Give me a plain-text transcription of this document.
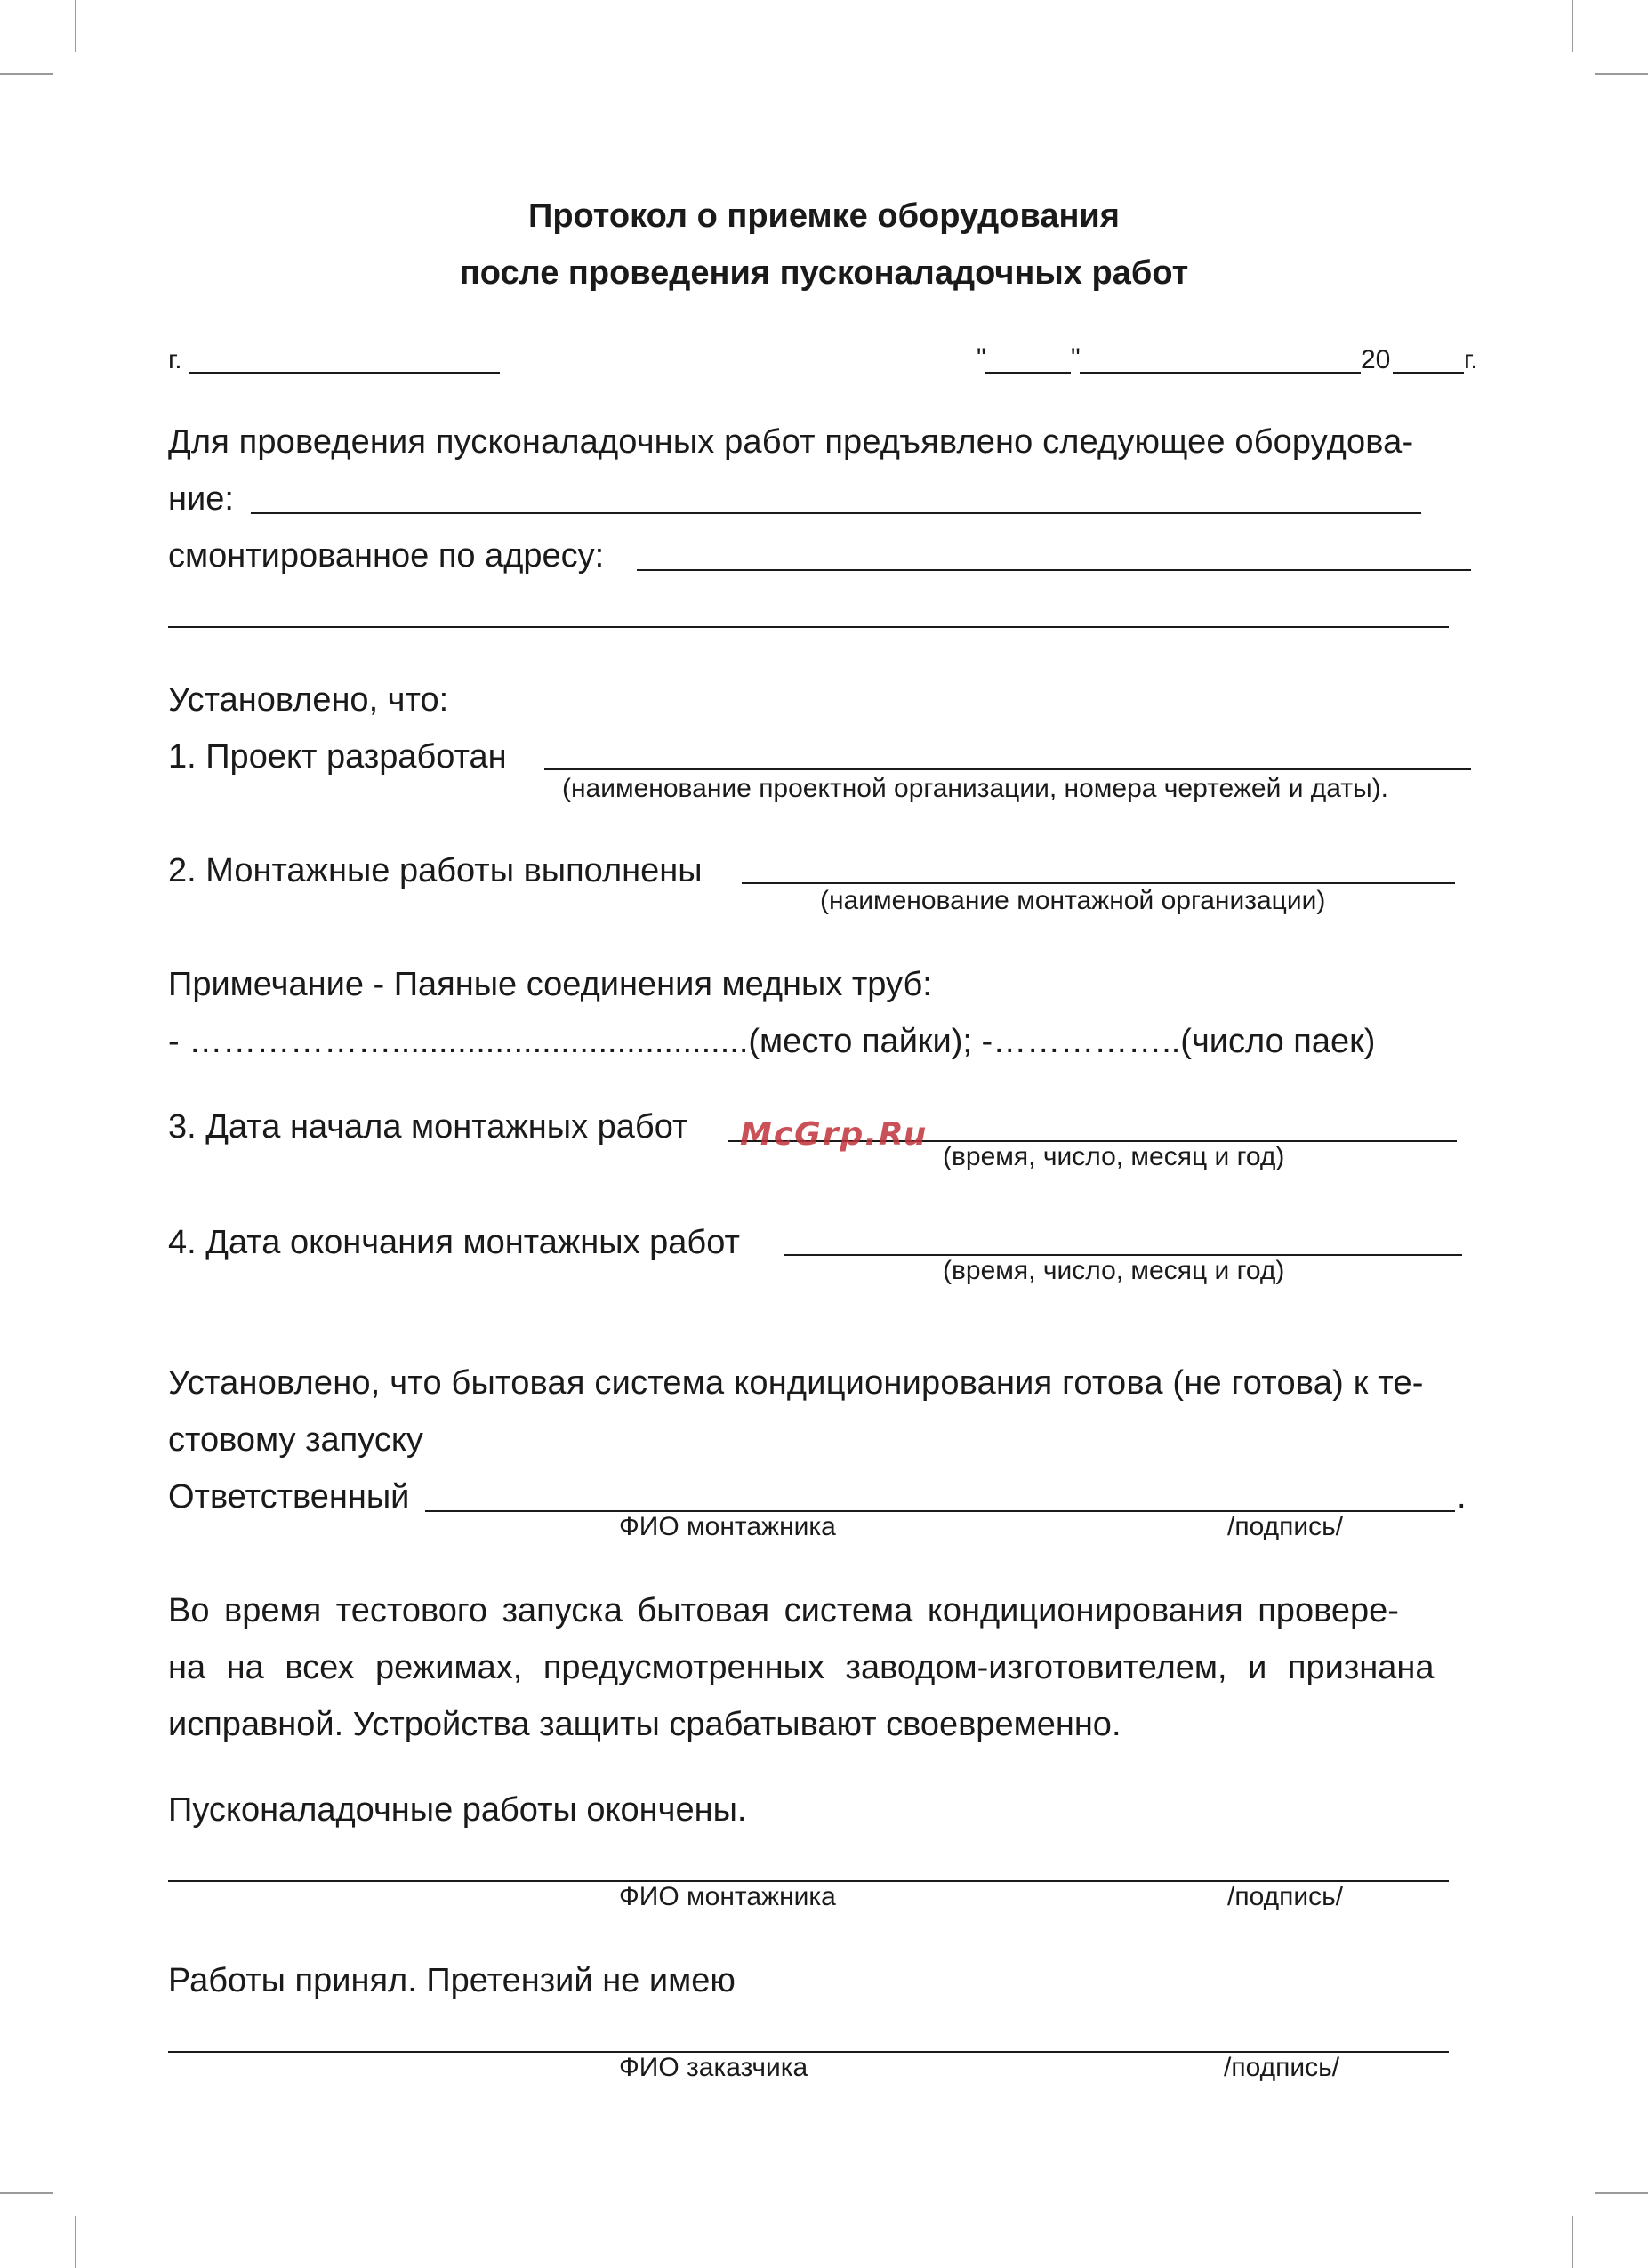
Протокол о приемке оборудования
после проведения пусконаладочных работ
г.	"	"	20	г.
Для проведения пусконаладочных работ предъявлено следующее оборудова-
ние:
смонтированное по адресу:
Установлено, что:
1. Проект разработан
(наименование проектной организации, номера чертежей и даты).
2. Монтажные работы выполнены
(наименование монтажной организации)
Примечание - Паяные соединения медных труб:
- ………………......................................(место пайки); -……………..(число паек)
3. Дата начала монтажных работ
(время, число, месяц и год)
McGrp.Ru
4. Дата окончания монтажных работ
(время, число, месяц и год)
Установлено, что бытовая система кондиционирования готова (не готова) к те-
стовому запуску
Ответственный	.
ФИО монтажника	/подпись/
Во время тестового запуска бытовая система кондиционирования провере-
на на всех режимах, предусмотренных заводом-изготовителем, и признана
исправной. Устройства защиты срабатывают своевременно.
Пусконаладочные работы окончены.
ФИО монтажника	/подпись/
Работы принял. Претензий не имею
ФИО заказчика	/подпись/
